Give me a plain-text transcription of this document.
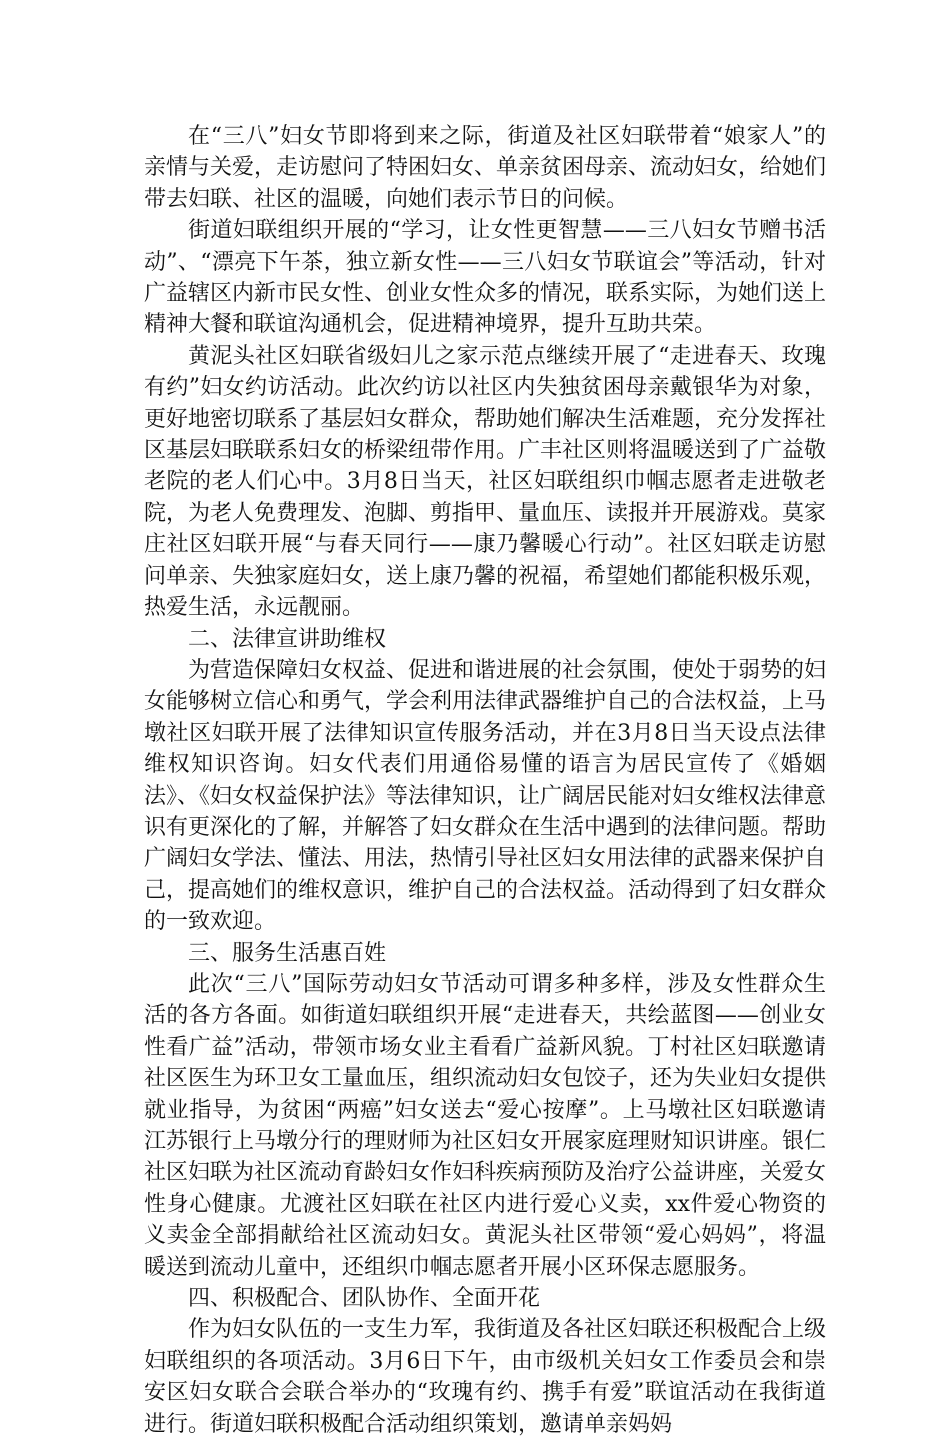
在“三八”妇女节即将到来之际，街道及社区妇联带着“娘家人”的亲情与关爱，走访慰问了特困妇女、单亲贫困母亲、流动妇女，给她们带去妇联、社区的温暖，向她们表示节日的问候。

街道妇联组织开展的“学习，让女性更智慧——三八妇女节赠书活动”、“漂亮下午茶，独立新女性——三八妇女节联谊会”等活动，针对广益辖区内新市民女性、创业女性众多的情况，联系实际，为她们送上精神大餐和联谊沟通机会，促进精神境界，提升互助共荣。

黄泥头社区妇联省级妇儿之家示范点继续开展了“走进春天、玫瑰有约”妇女约访活动。此次约访以社区内失独贫困母亲戴银华为对象，更好地密切联系了基层妇女群众，帮助她们解决生活难题，充分发挥社区基层妇联联系妇女的桥梁纽带作用。广丰社区则将温暖送到了广益敬老院的老人们心中。3月8日当天，社区妇联组织巾帼志愿者走进敬老院，为老人免费理发、泡脚、剪指甲、量血压、读报并开展游戏。莫家庄社区妇联开展“与春天同行——康乃馨暖心行动”。社区妇联走访慰问单亲、失独家庭妇女，送上康乃馨的祝福，希望她们都能积极乐观，热爱生活，永远靓丽。

二、法律宣讲助维权

为营造保障妇女权益、促进和谐进展的社会氛围，使处于弱势的妇女能够树立信心和勇气，学会利用法律武器维护自己的合法权益，上马墩社区妇联开展了法律知识宣传服务活动，并在3月8日当天设点法律维权知识咨询。妇女代表们用通俗易懂的语言为居民宣传了《婚姻法》、《妇女权益保护法》等法律知识，让广阔居民能对妇女维权法律意识有更深化的了解，并解答了妇女群众在生活中遇到的法律问题。帮助广阔妇女学法、懂法、用法，热情引导社区妇女用法律的武器来保护自己，提高她们的维权意识，维护自己的合法权益。活动得到了妇女群众的一致欢迎。

三、服务生活惠百姓

此次“三八”国际劳动妇女节活动可谓多种多样，涉及女性群众生活的各方各面。如街道妇联组织开展“走进春天，共绘蓝图——创业女性看广益”活动，带领市场女业主看看广益新风貌。丁村社区妇联邀请社区医生为环卫女工量血压，组织流动妇女包饺子，还为失业妇女提供就业指导，为贫困“两癌”妇女送去“爱心按摩”。上马墩社区妇联邀请江苏银行上马墩分行的理财师为社区妇女开展家庭理财知识讲座。银仁社区妇联为社区流动育龄妇女作妇科疾病预防及治疗公益讲座，关爱女性身心健康。尤渡社区妇联在社区内进行爱心义卖，xx件爱心物资的义卖金全部捐献给社区流动妇女。黄泥头社区带领“爱心妈妈”，将温暖送到流动儿童中，还组织巾帼志愿者开展小区环保志愿服务。

四、积极配合、团队协作、全面开花

作为妇女队伍的一支生力军，我街道及各社区妇联还积极配合上级妇联组织的各项活动。3月6日下午，由市级机关妇女工作委员会和崇安区妇女联合会联合举办的“玫瑰有约、携手有爱”联谊活动在我街道进行。街道妇联积极配合活动组织策划，邀请单亲妈妈
